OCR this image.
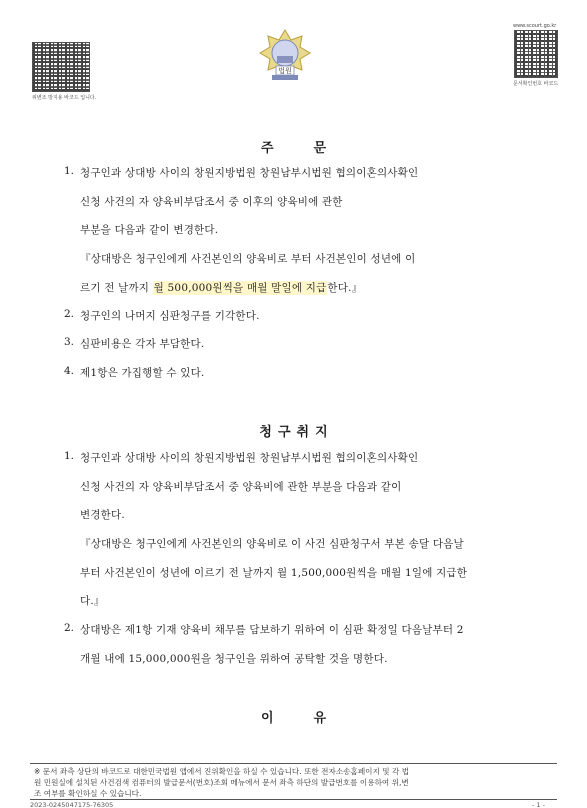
위변조 방지용 바코드 입니다.
www.scourt.go.kr
문서확인번호 바코드
법원
주	문
1. 청구인과 상대방 사이의 창원지방법원 창원남부시법원 협의이혼의사확인
신청 사건의 자 양육비부담조서 중 이후의 양육비에 관한
부분을 다음과 같이 변경한다.
『상대방은 청구인에게 사건본인의 양육비로 부터 사건본인이 성년에 이
르기 전 날까지 월 500,000원씩을 매월 말일에 지급한다.』
2. 청구인의 나머지 심판청구를 기각한다.
3. 심판비용은 각자 부담한다.
4. 제1항은 가집행할 수 있다.
청 구 취 지
1. 청구인과 상대방 사이의 창원지방법원 창원남부시법원 협의이혼의사확인
신청 사건의 자 양육비부담조서 중 양육비에 관한 부분을 다음과 같이
변경한다.
『상대방은 청구인에게 사건본인의 양육비로 이 사건 심판청구서 부본 송달 다음날
부터 사건본인이 성년에 이르기 전 날까지 월 1,500,000원씩을 매월 1일에 지급한
다.』
2. 상대방은 제1항 기재 양육비 채무를 담보하기 위하여 이 심판 확정일 다음날부터 2
개월 내에 15,000,000원을 청구인을 위하여 공탁할 것을 명한다.
이	유
※ 문서 좌측 상단의 바코드로 대한민국법원 앱에서 진위확인을 하실 수 있습니다. 또한 전자소송홈페이지 및 각 법
원 민원실에 설치된 사건검색 컴퓨터의 발급문서(번호)조회 메뉴에서 문서 좌측 하단의 발급번호를 이용하여 위,변
조 여부를 확인하실 수 있습니다.
2023-0245047175-76305	- 1 -
